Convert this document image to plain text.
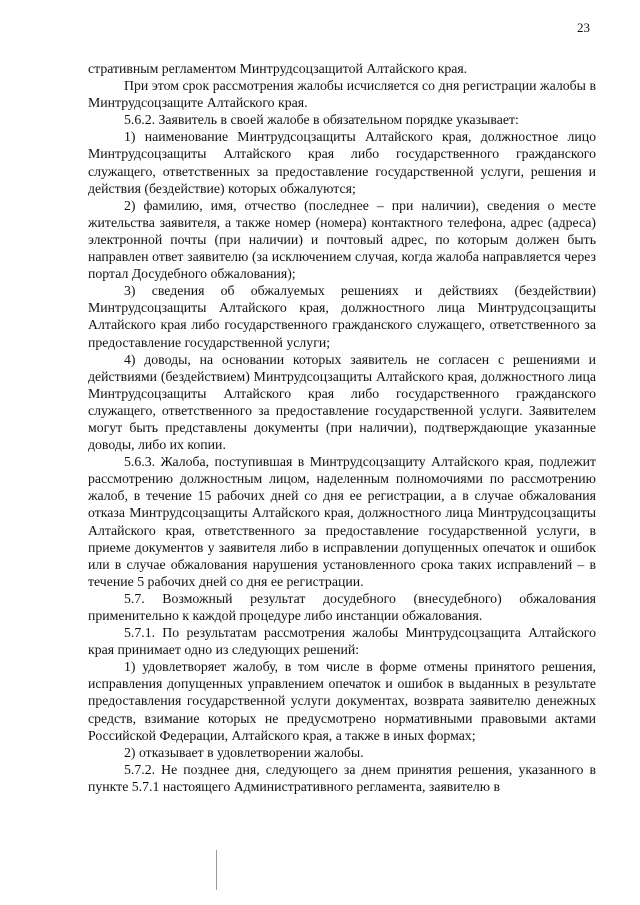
23

стративным регламентом Минтрудсоцзащитой Алтайского края.

При этом срок рассмотрения жалобы исчисляется со дня регистрации жалобы в Минтрудсоцзащите Алтайского края.

5.6.2. Заявитель в своей жалобе в обязательном порядке указывает:

1) наименование Минтрудсоцзащиты Алтайского края, должностное лицо Минтрудсоцзащиты Алтайского края либо государственного гражданского служащего, ответственных за предоставление государственной услуги, решения и действия (бездействие) которых обжалуются;

2) фамилию, имя, отчество (последнее – при наличии), сведения о месте жительства заявителя, а также номер (номера) контактного телефона, адрес (адреса) электронной почты (при наличии) и почтовый адрес, по которым должен быть направлен ответ заявителю (за исключением случая, когда жалоба направляется через портал Досудебного обжалования);

3) сведения об обжалуемых решениях и действиях (бездействии) Минтрудсоцзащиты Алтайского края, должностного лица Минтрудсоцзащиты Алтайского края либо государственного гражданского служащего, ответственного за предоставление государственной услуги;

4) доводы, на основании которых заявитель не согласен с решениями и действиями (бездействием) Минтрудсоцзащиты Алтайского края, должностного лица Минтрудсоцзащиты Алтайского края либо государственного гражданского служащего, ответственного за предоставление государственной услуги. Заявителем могут быть представлены документы (при наличии), подтверждающие указанные доводы, либо их копии.

5.6.3. Жалоба, поступившая в Минтрудсоцзащиту Алтайского края, подлежит рассмотрению должностным лицом, наделенным полномочиями по рассмотрению жалоб, в течение 15 рабочих дней со дня ее регистрации, а в случае обжалования отказа Минтрудсоцзащиты Алтайского края, должностного лица Минтрудсоцзащиты Алтайского края, ответственного за предоставление государственной услуги, в приеме документов у заявителя либо в исправлении допущенных опечаток и ошибок или в случае обжалования нарушения установленного срока таких исправлений – в течение 5 рабочих дней со дня ее регистрации.

5.7. Возможный результат досудебного (внесудебного) обжалования применительно к каждой процедуре либо инстанции обжалования.

5.7.1. По результатам рассмотрения жалобы Минтрудсоцзащита Алтайского края принимает одно из следующих решений:

1) удовлетворяет жалобу, в том числе в форме отмены принятого решения, исправления допущенных управлением опечаток и ошибок в выданных в результате предоставления государственной услуги документах, возврата заявителю денежных средств, взимание которых не предусмотрено нормативными правовыми актами Российской Федерации, Алтайского края, а также в иных формах;

2) отказывает в удовлетворении жалобы.

5.7.2. Не позднее дня, следующего за днем принятия решения, указанного в пункте 5.7.1 настоящего Административного регламента, заявителю в
